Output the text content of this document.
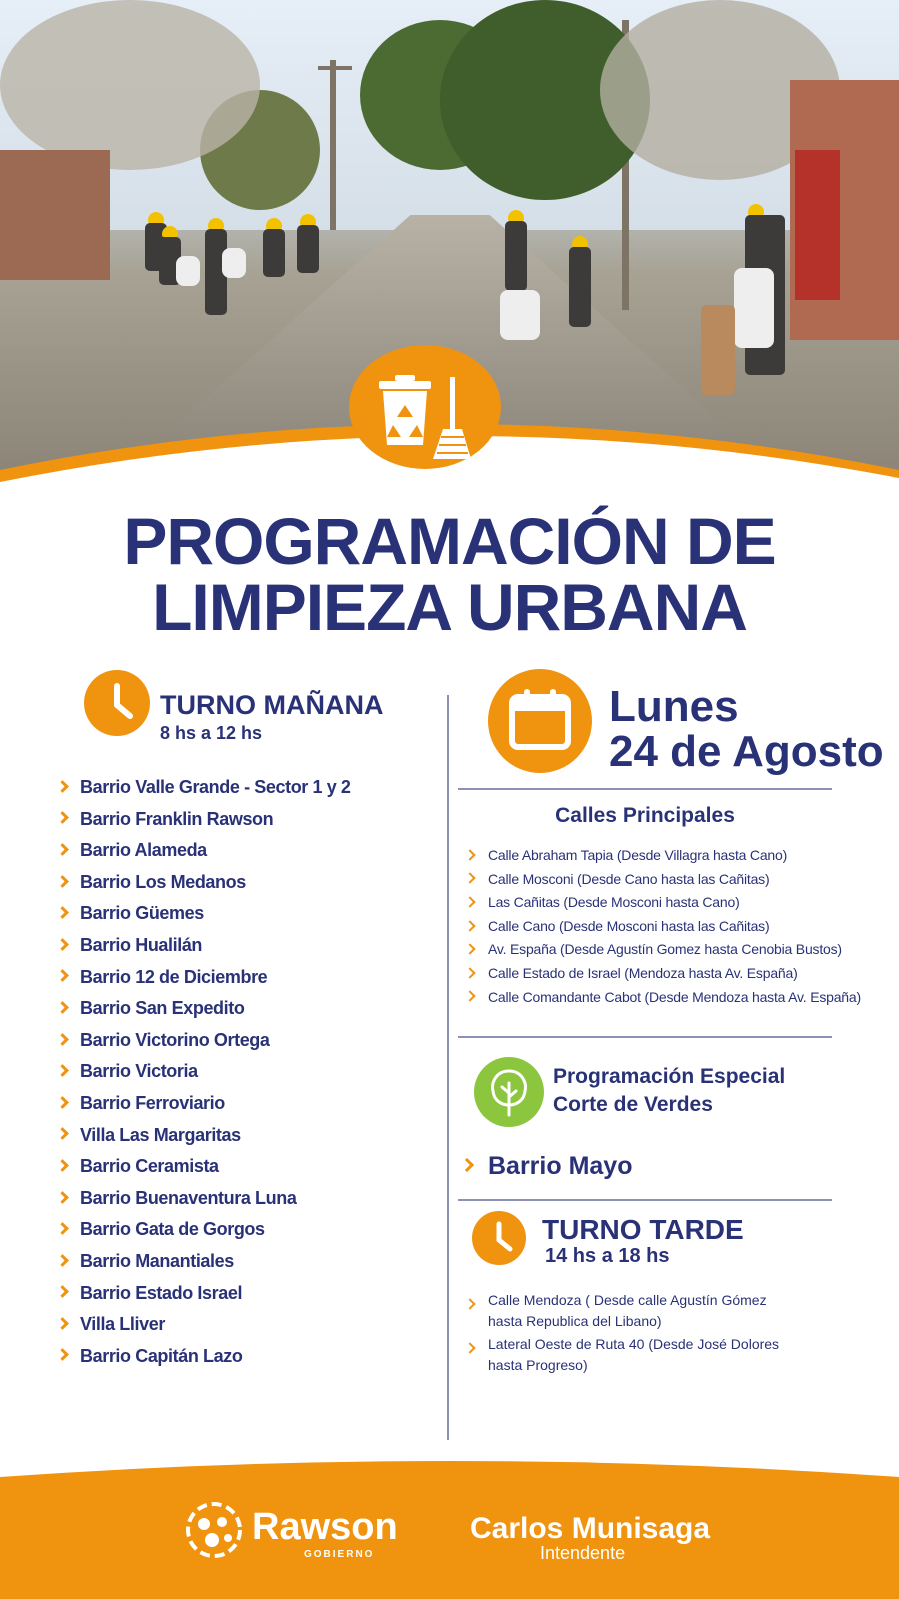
PROGRAMACIÓN DE
LIMPIEZA URBANA
TURNO MAÑANA
8 hs a 12 hs
Barrio Valle Grande - Sector 1 y 2
Barrio Franklin Rawson
Barrio Alameda
Barrio Los Medanos
Barrio Güemes
Barrio Hualilán
Barrio 12 de Diciembre
Barrio San Expedito
Barrio Victorino Ortega
Barrio Victoria
Barrio Ferroviario
Villa Las Margaritas
Barrio Ceramista
Barrio Buenaventura Luna
Barrio Gata de Gorgos
Barrio Manantiales
Barrio Estado Israel
Villa Lliver
Barrio Capitán Lazo
Lunes
24 de Agosto
Calles Principales
Calle Abraham Tapia (Desde Villagra hasta Cano)
Calle Mosconi (Desde Cano hasta las Cañitas)
Las Cañitas (Desde Mosconi hasta Cano)
Calle Cano (Desde Mosconi hasta las Cañitas)
Av. España (Desde Agustín Gomez hasta Cenobia Bustos)
Calle Estado de Israel (Mendoza hasta Av. España)
Calle Comandante Cabot (Desde Mendoza hasta Av. España)
Programación Especial
Corte de Verdes
Barrio Mayo
TURNO TARDE
14 hs a 18 hs
Calle Mendoza ( Desde calle Agustín Gómez hasta Republica del Libano)
Lateral Oeste de Ruta 40 (Desde José Dolores hasta Progreso)
Rawson
GOBIERNO
Carlos Munisaga
Intendente
